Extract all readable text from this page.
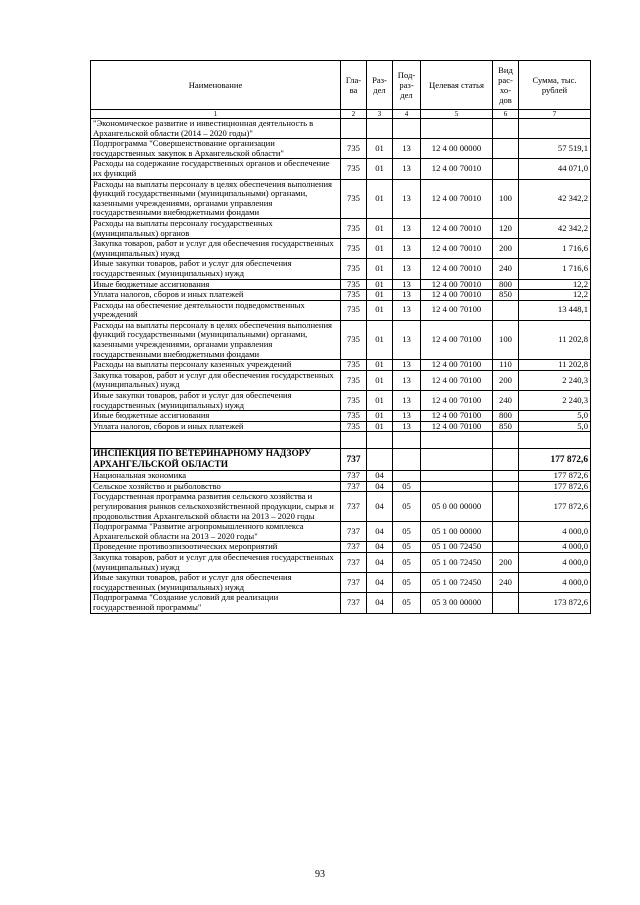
Наименование	Гла-ва	Раз-дел	Под-раз-дел	Целевая статья	Вид рас-хо-дов	Сумма, тыс. рублей
1	2	3	4	5	6	7
"Экономическое развитие и инвестиционная деятельность в Архангельской области (2014 – 2020 годы)"						
Подпрограмма "Совершенствование организации государственных закупок в Архангельской области"	735	01	13	12 4 00 00000		57 519,1
Расходы на содержание государственных органов и обеспечение их функций	735	01	13	12 4 00 70010		44 071,0
Расходы на выплаты персоналу в целях обеспечения выполнения функций государственными (муниципальными) органами, казенными учреждениями, органами управления государственными внебюджетными фондами	735	01	13	12 4 00 70010	100	42 342,2
Расходы на выплаты персоналу государственных (муниципальных) органов	735	01	13	12 4 00 70010	120	42 342,2
Закупка товаров, работ и услуг для обеспечения государственных (муниципальных) нужд	735	01	13	12 4 00 70010	200	1 716,6
Иные закупки товаров, работ и услуг для обеспечения государственных (муниципальных) нужд	735	01	13	12 4 00 70010	240	1 716,6
Иные бюджетные ассигнования	735	01	13	12 4 00 70010	800	12,2
Уплата налогов, сборов и иных платежей	735	01	13	12 4 00 70010	850	12,2
Расходы на обеспечение деятельности подведомственных учреждений	735	01	13	12 4 00 70100		13 448,1
Расходы на выплаты персоналу в целях обеспечения выполнения функций государственными (муниципальными) органами, казенными учреждениями, органами управления государственными внебюджетными фондами	735	01	13	12 4 00 70100	100	11 202,8
Расходы на выплаты персоналу казенных учреждений	735	01	13	12 4 00 70100	110	11 202,8
Закупка товаров, работ и услуг для обеспечения государственных (муниципальных) нужд	735	01	13	12 4 00 70100	200	2 240,3
Иные закупки товаров, работ и услуг для обеспечения государственных (муниципальных) нужд	735	01	13	12 4 00 70100	240	2 240,3
Иные бюджетные ассигнования	735	01	13	12 4 00 70100	800	5,0
Уплата налогов, сборов и иных платежей	735	01	13	12 4 00 70100	850	5,0

ИНСПЕКЦИЯ ПО ВЕТЕРИНАРНОМУ НАДЗОРУ АРХАНГЕЛЬСКОЙ ОБЛАСТИ	737					177 872,6
Национальная экономика	737	04				177 872,6
Сельское хозяйство и рыболовство	737	04	05			177 872,6
Государственная программа развития сельского хозяйства и регулирования рынков сельскохозяйственной продукции, сырья и продовольствия Архангельской области на 2013 – 2020 годы	737	04	05	05 0 00 00000		177 872,6
Подпрограмма "Развитие агропромышленного комплекса Архангельской области на 2013 – 2020 годы"	737	04	05	05 1 00 00000		4 000,0
Проведение противоэпизоотических мероприятий	737	04	05	05 1 00 72450		4 000,0
Закупка товаров, работ и услуг для обеспечения государственных (муниципальных) нужд	737	04	05	05 1 00 72450	200	4 000,0
Иные закупки товаров, работ и услуг для обеспечения государственных (муниципальных) нужд	737	04	05	05 1 00 72450	240	4 000,0
Подпрограмма "Создание условий для реализации государственной программы"	737	04	05	05 3 00 00000		173 872,6
93
